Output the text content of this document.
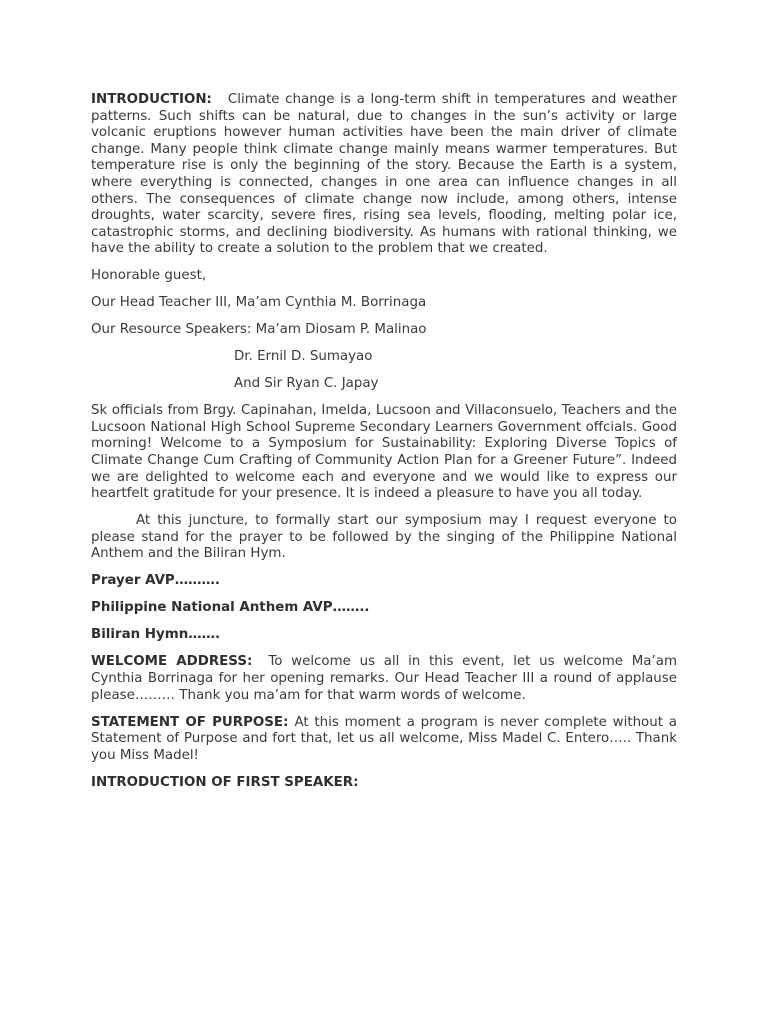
INTRODUCTION: Climate change is a long-term shift in temperatures and weather patterns. Such shifts can be natural, due to changes in the sun’s activity or large volcanic eruptions however human activities have been the main driver of climate change. Many people think climate change mainly means warmer temperatures. But temperature rise is only the beginning of the story. Because the Earth is a system, where everything is connected, changes in one area can influence changes in all others. The consequences of climate change now include, among others, intense droughts, water scarcity, severe fires, rising sea levels, flooding, melting polar ice, catastrophic storms, and declining biodiversity. As humans with rational thinking, we have the ability to create a solution to the problem that we created.

Honorable guest,

Our Head Teacher III, Ma’am Cynthia M. Borrinaga

Our Resource Speakers: Ma’am Diosam P. Malinao

Dr. Ernil D. Sumayao

And Sir Ryan C. Japay

Sk officials from Brgy. Capinahan, Imelda, Lucsoon and Villaconsuelo, Teachers and the Lucsoon National High School Supreme Secondary Learners Government offcials. Good morning! Welcome to a Symposium for Sustainability: Exploring Diverse Topics of Climate Change Cum Crafting of Community Action Plan for a Greener Future”. Indeed we are delighted to welcome each and everyone and we would like to express our heartfelt gratitude for your presence. It is indeed a pleasure to have you all today.

At this juncture, to formally start our symposium may I request everyone to please stand for the prayer to be followed by the singing of the Philippine National Anthem and the Biliran Hym.

Prayer AVP……….

Philippine National Anthem AVP……..

Biliran Hymn…….

WELCOME ADDRESS: To welcome us all in this event, let us welcome Ma’am Cynthia Borrinaga for her opening remarks. Our Head Teacher III a round of applause please……… Thank you ma’am for that warm words of welcome.

STATEMENT OF PURPOSE: At this moment a program is never complete without a Statement of Purpose and fort that, let us all welcome, Miss Madel C. Entero….. Thank you Miss Madel!

INTRODUCTION OF FIRST SPEAKER:
